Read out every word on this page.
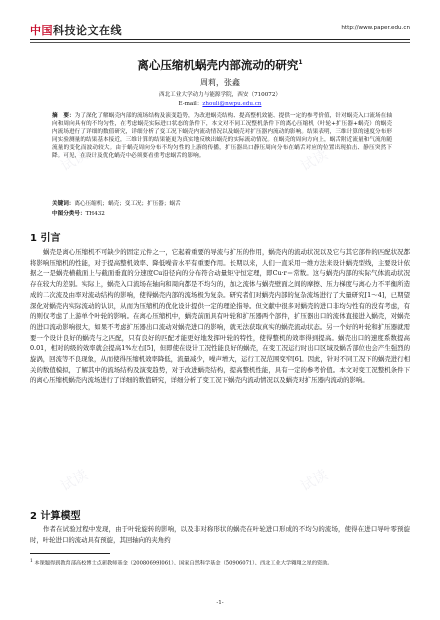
中国科技论文在线	http://www.paper.edu.cn
离心压缩机蜗壳内部流动的研究$^1$
周莉，张鑫
西北工业大学动力与能源学院，西安（710072）
E-mail：zhouli@nwpu.edu.cn
摘　要：为了深化了解蜗壳内部的流场结构及演变趋势，为改进蜗壳结构、提高整机效能、提供一定的参考价值，针对蜗壳入口流场在轴向和周向具有的不均匀性，在考虑蜗壳实际进口状态的条件下，本文对不同工况整机条件下的离心压缩机（叶轮+扩压器+蜗壳）的蜗壳内流场进行了详细的数值研究，详细分析了变工况下蜗壳内流动情况以及蜗壳对扩压器内流动的影响。结果表明，三维计算的速度分布形同实验测量的结果基本接近，三维计算的结果能更为真实地反映出蜗壳的实际流动情况。在蜗壳的周向方向上，蜗舌附近流量和气流角随流量的变化而波动较大。由于蜗壳周向分布不均匀性的上游的传播，扩压器出口静压周向分布在蜗舌对应的位置出现拍击、静压突然下降。可见，在设计及优化蜗壳中必须要看重考虑蜗舌的影响。
关键词：离心压缩机；蜗壳；变工况；扩压器；蜗舌
中图分类号：TH432
1 引言
蜗壳是离心压缩机不可缺少的固定元件之一，它起着重要的导流与扩压的作用，蜗壳内的流动状况以及它与其它部件的匹配状况都将影响压缩机的性能，对于提高整机效率、降低噪音水平有重要作用。长期以来，人们一直采用一维方法来设计蜗壳型线，主要设计依据之一是蜗壳横截面上与截面垂直的分速度Cu沿径向的分布符合动量矩守恒定理，即Cu·r＝常数。这与蜗壳内部的实际气体流动状况存在较大的差别。实际上，蜗壳入口流场在轴向和周向都是不均匀的，加之流体与蜗壳壁面之间的摩擦、压力梯度与离心力不平衡所造成的二次流及由率对流动结构的影响，使得蜗壳内部的流场极为复杂。研究者们对蜗壳内部的复杂流场进行了大量研究[1～4]，已期望深化对蜗壳内实际流动的认识，从而为压缩机的优化设计提供一定的理论指导。但文献中很多对蜗壳的进口非均匀性有的没有考虑，有的则仅考虑了上游单个叶轮的影响。在离心压缩机中，蜗壳前面具有叶轮和扩压器两个部件，扩压器出口的流体直接进入蜗壳，对蜗壳的进口流动影响很大，如果不考虑扩压器出口流动对蜗壳进口的影响，就无法获取真实的蜗壳流动状态。另一个好的叶轮和扩压器就需要一个设计良好的蜗壳与之匹配，只有良好的匹配才能更好地发挥叶轮的特性，使得整机的效率得到提高。蜗壳出口的速度系数提高0.01，相对的级的效率就会提高1%左右[5]，但即使在设计工况性能良好的蜗壳，在变工况运行时出口区域及蜗舌部位也会产生强烈的旋涡，回流等不良现象，从而使得压缩机效率降低，流量减少，噪声增大，运行工况范围变窄[6]。因此，针对不同工况下的蜗壳进行相关的数值模拟，了解其中的流场结构及演变趋势，对于改进蜗壳结构，提高整机性能，具有一定的参考价值。本文对变工况整机条件下的离心压缩机蜗壳内流场进行了详细的数值研究，详细分析了变工况下蜗壳内流动情况以及蜗壳对扩压器内流动的影响。
2 计算模型
作者在试验过程中发现，由于叶轮旋转的影响，以及非对称形状的蜗壳在叶轮进口形成的不均匀的流场，使得在进口导叶零预旋时，叶轮进口的流动具有预旋，其回轴向的夹角约
$^1$ 本课题得到教育部高校博士点新教师基金（20080699I061）、国家自然科学基金（50906071）、西北工业大学翱翔之星的资助。
-1-
试读	试读
试读
试读	试读
